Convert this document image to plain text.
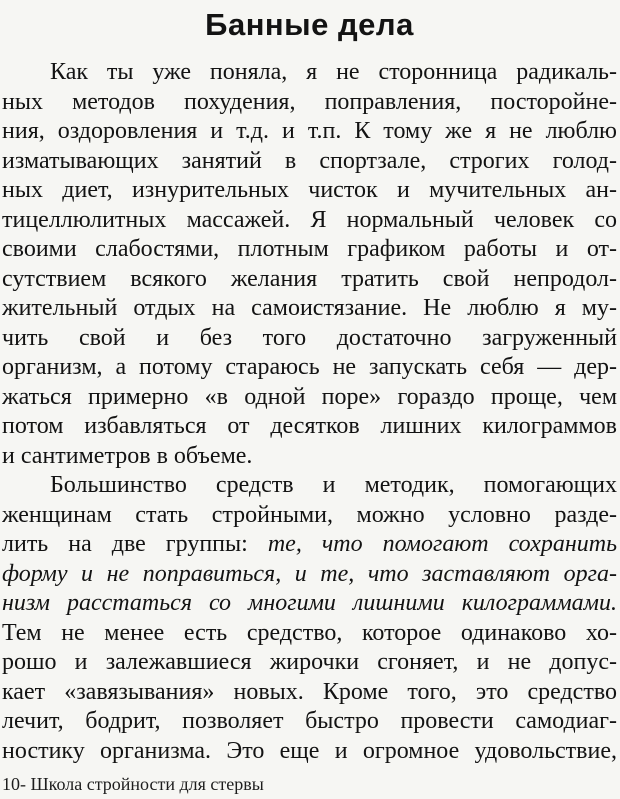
Банные дела
Как ты уже поняла, я не сторонница радикаль-
ных методов похудения, поправления, посторойне-
ния, оздоровления и т.д. и т.п. К тому же я не люблю
изматывающих занятий в спортзале, строгих голод-
ных диет, изнурительных чисток и мучительных ан-
тицеллюлитных массажей. Я нормальный человек со
своими слабостями, плотным графиком работы и от-
сутствием всякого желания тратить свой непродол-
жительный отдых на самоистязание. Не люблю я му-
чить свой и без того достаточно загруженный
организм, а потому стараюсь не запускать себя — дер-
жаться примерно «в одной поре» гораздо проще, чем
потом избавляться от десятков лишних килограммов
и сантиметров в объеме.
Большинство средств и методик, помогающих
женщинам стать стройными, можно условно разде-
лить на две группы: те, что помогают сохранить
форму и не поправиться, и те, что заставляют орга-
низм расстаться со многими лишними килограммами.
Тем не менее есть средство, которое одинаково хо-
рошо и залежавшиеся жирочки сгоняет, и не допус-
кает «завязывания» новых. Кроме того, это средство
лечит, бодрит, позволяет быстро провести самодиаг-
ностику организма. Это еще и огромное удовольствие,
10- Школа стройности для стервы
